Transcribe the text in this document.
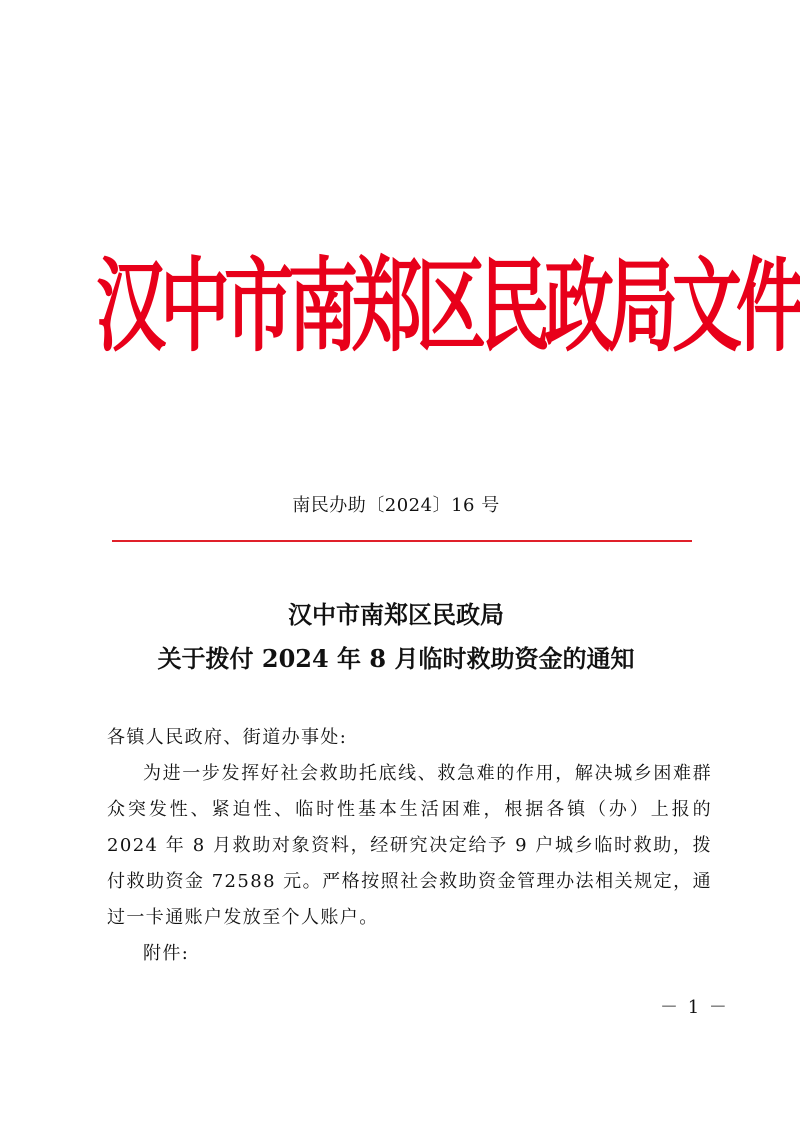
汉中市南郑区民政局文件
南民办助〔2024〕16 号
汉中市南郑区民政局
关于拨付 2024 年 8 月临时救助资金的通知
各镇人民政府、街道办事处:
为进一步发挥好社会救助托底线、救急难的作用，解决城乡困难群众突发性、紧迫性、临时性基本生活困难，根据各镇（办）上报的 2024 年 8 月救助对象资料，经研究决定给予 9 户城乡临时救助，拨付救助资金 72588 元。严格按照社会救助资金管理办法相关规定，通过一卡通账户发放至个人账户。
附件:
－ 1 －
